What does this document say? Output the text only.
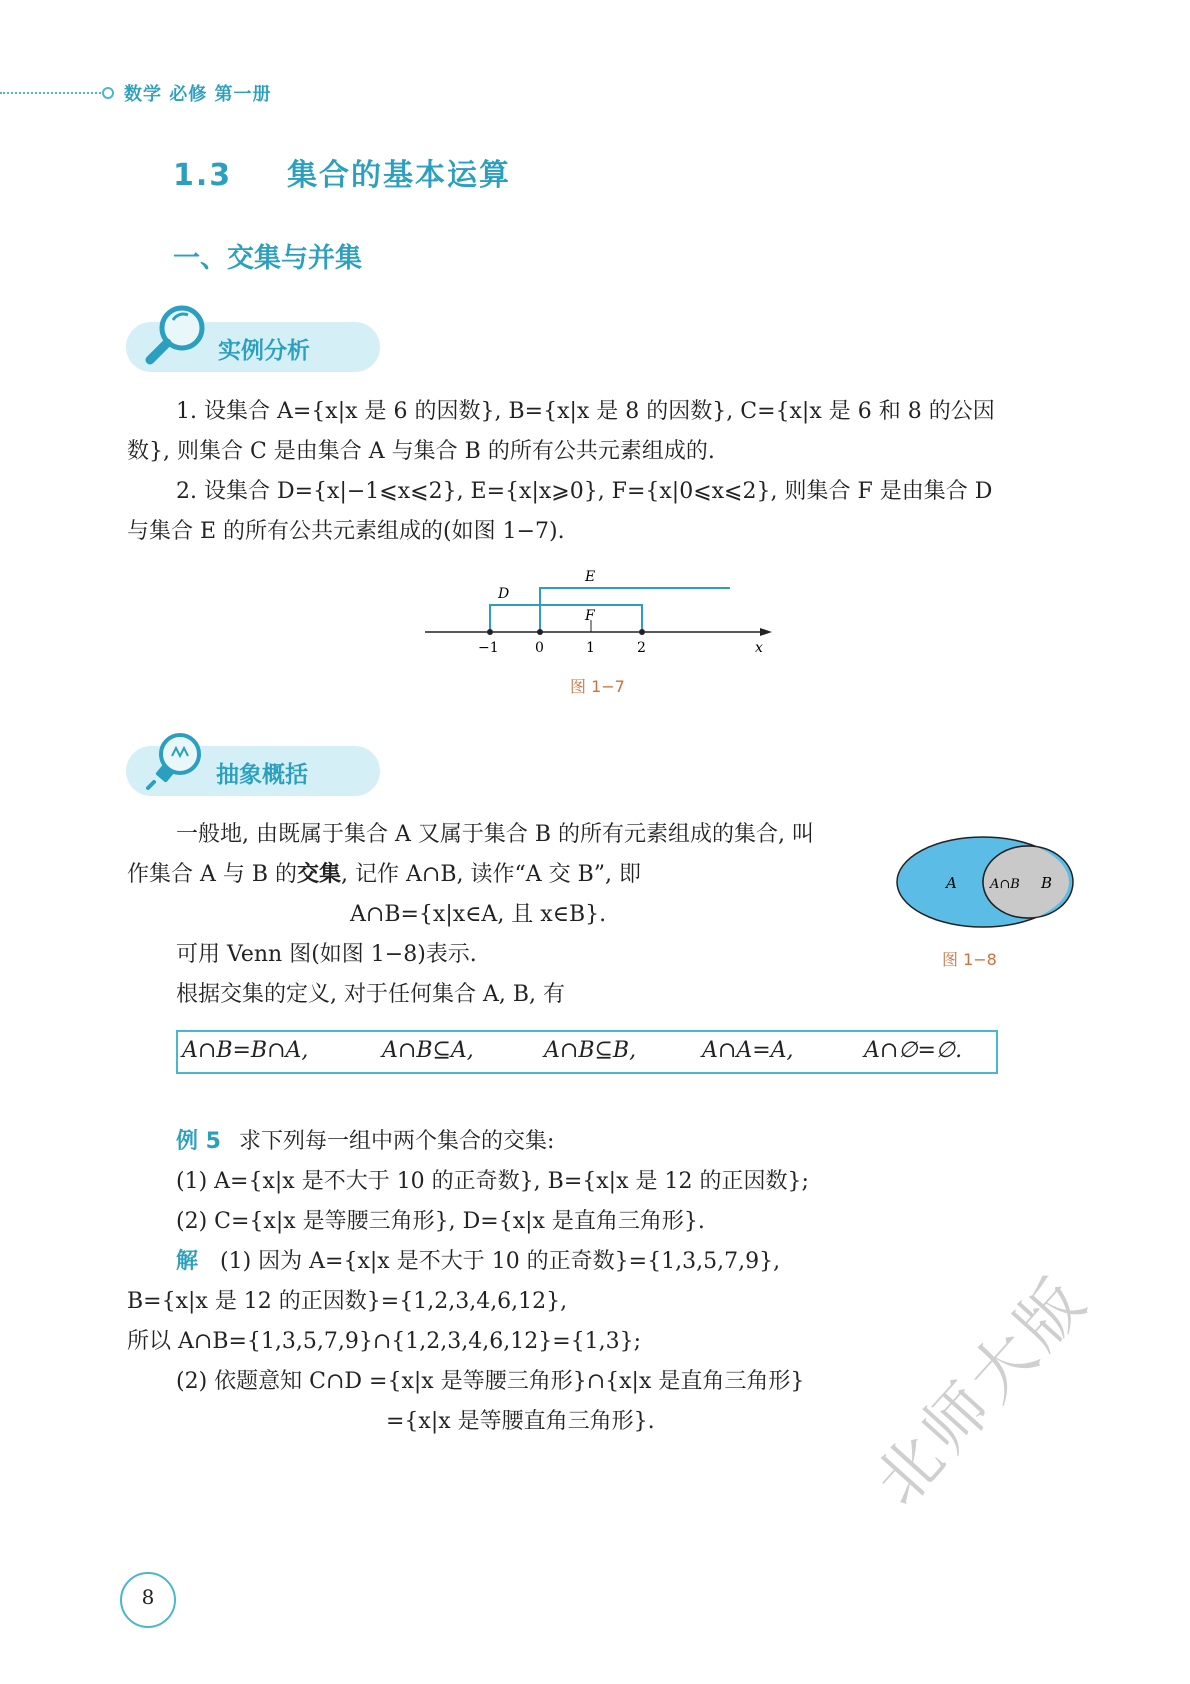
数学 必修 第一册
1.3 集合的基本运算
一、交集与并集
实例分析
1. 设集合 A={x|x 是 6 的因数}, B={x|x 是 8 的因数}, C={x|x 是 6 和 8 的公因
数}, 则集合 C 是由集合 A 与集合 B 的所有公共元素组成的.
2. 设集合 D={x|−1⩽x⩽2}, E={x|x⩾0}, F={x|0⩽x⩽2}, 则集合 F 是由集合 D
与集合 E 的所有公共元素组成的(如图 1−7).
D
E
F
x
−1	0	1	2
图 1−7
抽象概括
一般地, 由既属于集合 A 又属于集合 B 的所有元素组成的集合, 叫
作集合 A 与 B 的交集, 记作 A∩B, 读作“A 交 B”, 即
A∩B={x|x∈A, 且 x∈B}.
可用 Venn 图(如图 1−8)表示.
根据交集的定义, 对于任何集合 A, B, 有
A	B
A∩B
图 1−8
A∩B=B∩A,	A∩B⊆A,	A∩B⊆B,	A∩A=A,	A∩∅=∅.
例 5 求下列每一组中两个集合的交集:
(1) A={x|x 是不大于 10 的正奇数}, B={x|x 是 12 的正因数};
(2) C={x|x 是等腰三角形}, D={x|x 是直角三角形}.
解 (1) 因为 A={x|x 是不大于 10 的正奇数}={1,3,5,7,9},
B={x|x 是 12 的正因数}={1,2,3,4,6,12},
所以 A∩B={1,3,5,7,9}∩{1,2,3,4,6,12}={1,3};
(2) 依题意知 C∩D ={x|x 是等腰三角形}∩{x|x 是直角三角形}
={x|x 是等腰直角三角形}.
8
北师大版
